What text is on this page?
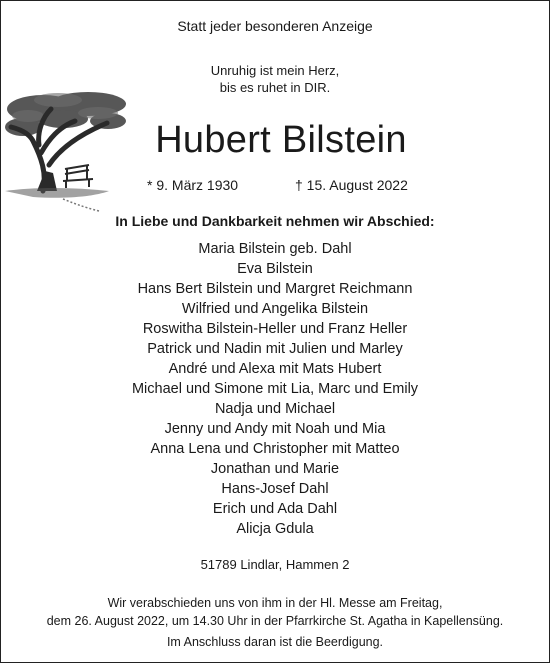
Statt jeder besonderen Anzeige
Unruhig ist mein Herz,
bis es ruhet in DIR.
Hubert Bilstein
* 9. März 1930	† 15. August 2022
In Liebe und Dankbarkeit nehmen wir Abschied:
Maria Bilstein geb. Dahl
Eva Bilstein
Hans Bert Bilstein und Margret Reichmann
Wilfried und Angelika Bilstein
Roswitha Bilstein-Heller und Franz Heller
Patrick und Nadin mit Julien und Marley
André und Alexa mit Mats Hubert
Michael und Simone mit Lia, Marc und Emily
Nadja und Michael
Jenny und Andy mit Noah und Mia
Anna Lena und Christopher mit Matteo
Jonathan und Marie
Hans-Josef Dahl
Erich und Ada Dahl
Alicja Gdula
51789 Lindlar, Hammen 2
Wir verabschieden uns von ihm in der Hl. Messe am Freitag,
dem 26. August 2022, um 14.30 Uhr in der Pfarrkirche St. Agatha in Kapellensüng.
Im Anschluss daran ist die Beerdigung.
